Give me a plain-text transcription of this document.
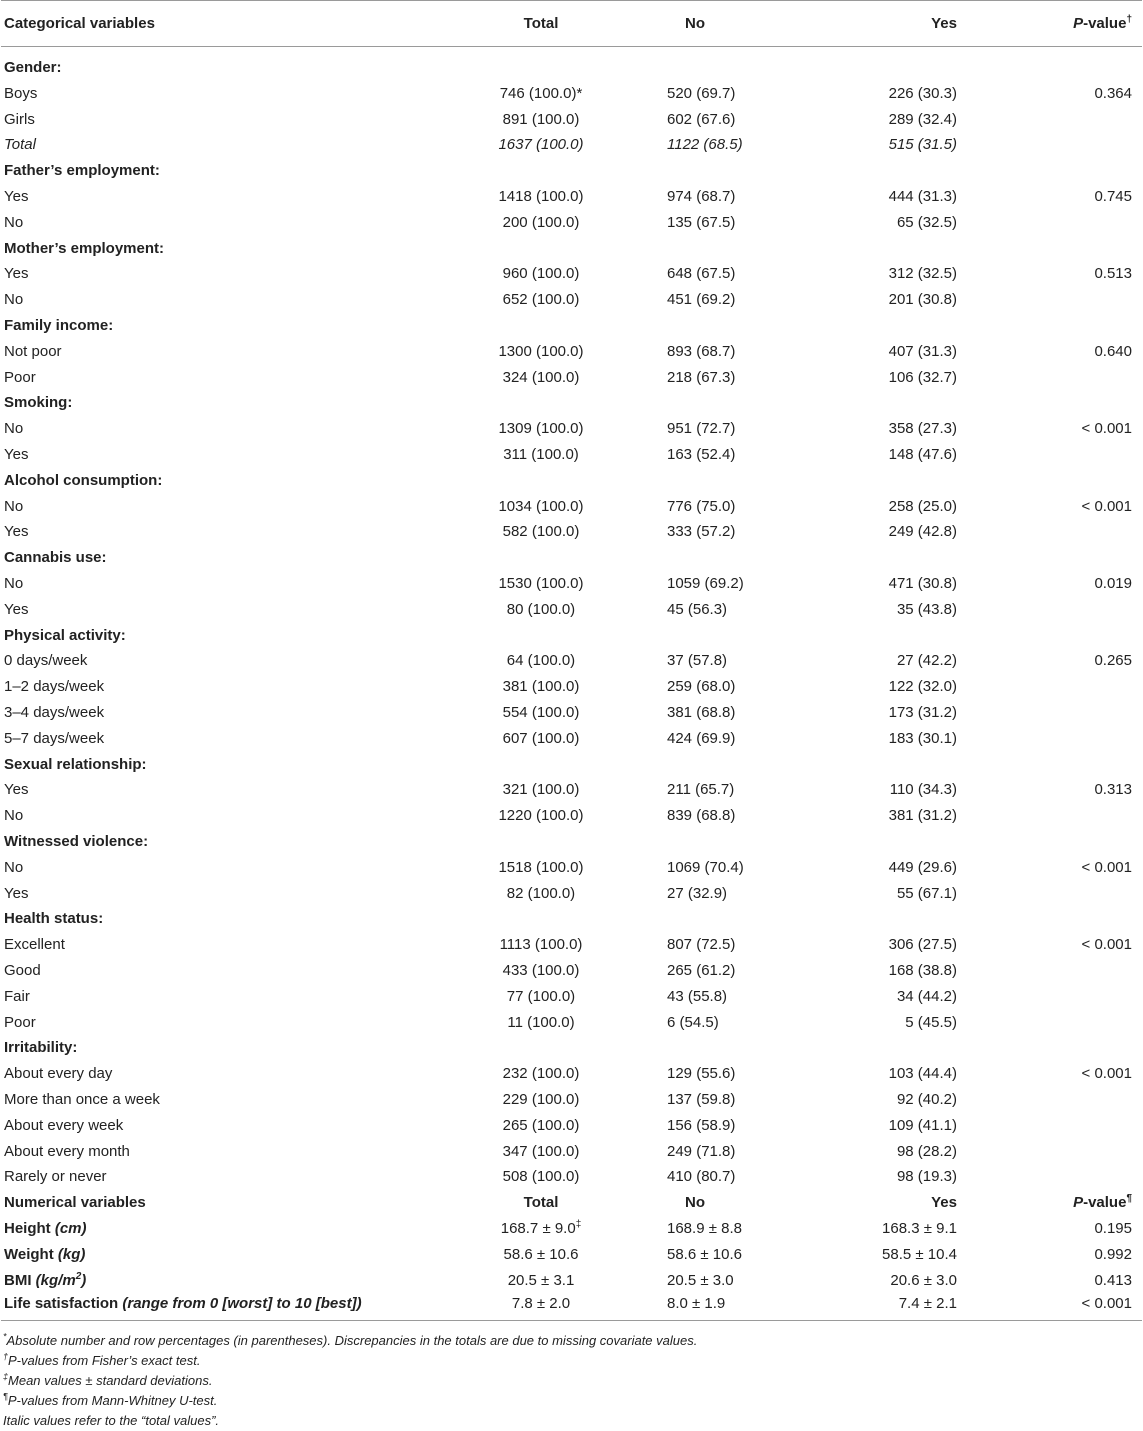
Categorical variables	Total	No	Yes	P-value†
Gender:				
Boys	746 (100.0)*	520 (69.7)	226 (30.3)	0.364
Girls	891 (100.0)	602 (67.6)	289 (32.4)	
Total	1637 (100.0)	1122 (68.5)	515 (31.5)	
Father’s employment:				
Yes	1418 (100.0)	974 (68.7)	444 (31.3)	0.745
No	200 (100.0)	135 (67.5)	65 (32.5)	
Mother’s employment:				
Yes	960 (100.0)	648 (67.5)	312 (32.5)	0.513
No	652 (100.0)	451 (69.2)	201 (30.8)	
Family income:				
Not poor	1300 (100.0)	893 (68.7)	407 (31.3)	0.640
Poor	324 (100.0)	218 (67.3)	106 (32.7)	
Smoking:				
No	1309 (100.0)	951 (72.7)	358 (27.3)	< 0.001
Yes	311 (100.0)	163 (52.4)	148 (47.6)	
Alcohol consumption:				
No	1034 (100.0)	776 (75.0)	258 (25.0)	< 0.001
Yes	582 (100.0)	333 (57.2)	249 (42.8)	
Cannabis use:				
No	1530 (100.0)	1059 (69.2)	471 (30.8)	0.019
Yes	80 (100.0)	45 (56.3)	35 (43.8)	
Physical activity:				
0 days/week	64 (100.0)	37 (57.8)	27 (42.2)	0.265
1–2 days/week	381 (100.0)	259 (68.0)	122 (32.0)	
3–4 days/week	554 (100.0)	381 (68.8)	173 (31.2)	
5–7 days/week	607 (100.0)	424 (69.9)	183 (30.1)	
Sexual relationship:				
Yes	321 (100.0)	211 (65.7)	110 (34.3)	0.313
No	1220 (100.0)	839 (68.8)	381 (31.2)	
Witnessed violence:				
No	1518 (100.0)	1069 (70.4)	449 (29.6)	< 0.001
Yes	82 (100.0)	27 (32.9)	55 (67.1)	
Health status:				
Excellent	1113 (100.0)	807 (72.5)	306 (27.5)	< 0.001
Good	433 (100.0)	265 (61.2)	168 (38.8)	
Fair	77 (100.0)	43 (55.8)	34 (44.2)	
Poor	11 (100.0)	6 (54.5)	5 (45.5)	
Irritability:				
About every day	232 (100.0)	129 (55.6)	103 (44.4)	< 0.001
More than once a week	229 (100.0)	137 (59.8)	92 (40.2)	
About every week	265 (100.0)	156 (58.9)	109 (41.1)	
About every month	347 (100.0)	249 (71.8)	98 (28.2)	
Rarely or never	508 (100.0)	410 (80.7)	98 (19.3)	
Numerical variables	Total	No	Yes	P-value¶
Height (cm)	168.7 ± 9.0‡	168.9 ± 8.8	168.3 ± 9.1	0.195
Weight (kg)	58.6 ± 10.6	58.6 ± 10.6	58.5 ± 10.4	0.992
BMI $(kg/m^2)$	20.5 ± 3.1	20.5 ± 3.0	20.6 ± 3.0	0.413
Life satisfaction (range from 0 [worst] to 10 [best])	7.8 ± 2.0	8.0 ± 1.9	7.4 ± 2.1	< 0.001
*Absolute number and row percentages (in parentheses). Discrepancies in the totals are due to missing covariate values.
†P-values from Fisher’s exact test.
‡Mean values ± standard deviations.
¶P-values from Mann-Whitney U-test.
Italic values refer to the “total values”.
